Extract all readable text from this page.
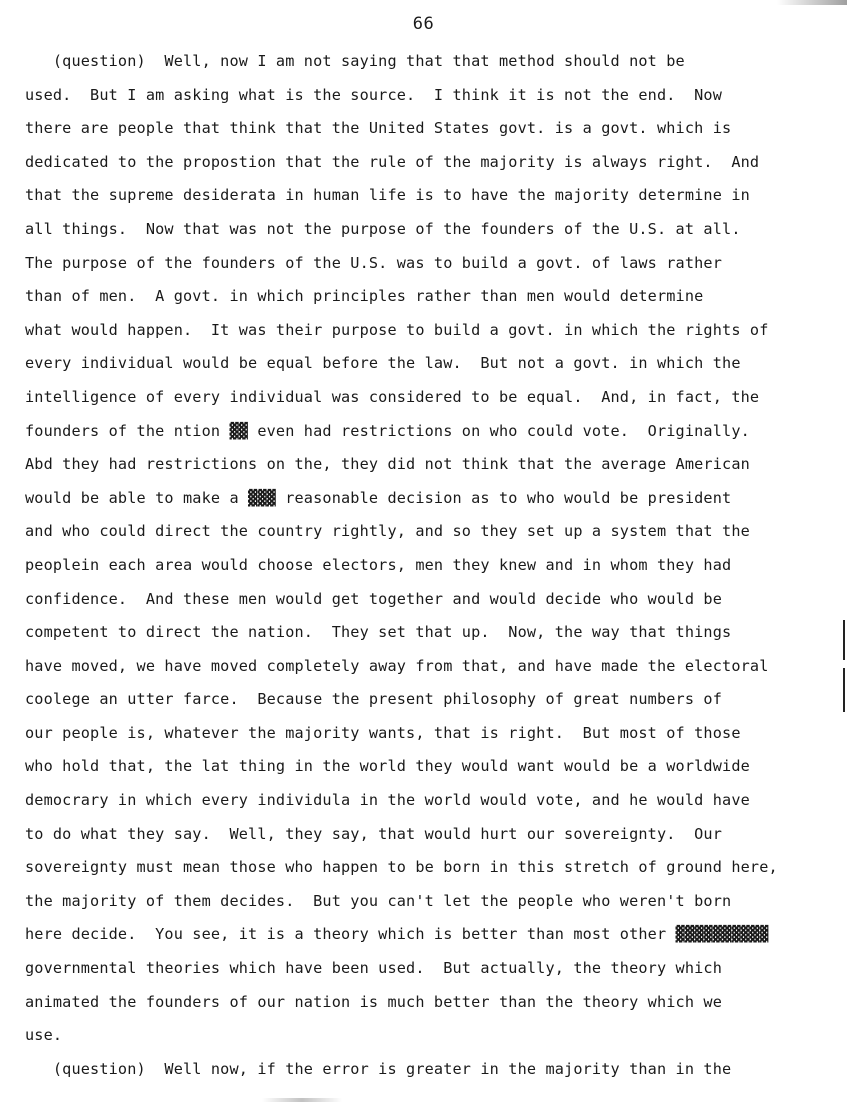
66
(question)  Well, now I am not saying that that method should not be
used.  But I am asking what is the source.  I think it is not the end.  Now
there are people that think that the United States govt. is a govt. which is
dedicated to the propostion that the rule of the majority is always right.  And
that the supreme desiderata in human life is to have the majority determine in
all things.  Now that was not the purpose of the founders of the U.S. at all.
The purpose of the founders of the U.S. was to build a govt. of laws rather
than of men.  A govt. in which principles rather than men would determine
what would happen.  It was their purpose to build a govt. in which the rights of
every individual would be equal before the law.  But not a govt. in which the
intelligence of every individual was considered to be equal.  And, in fact, the
founders of the ntion ▓▓ even had restrictions on who could vote.  Originally.
Abd they had restrictions on the, they did not think that the average American
would be able to make a ▓▓▓ reasonable decision as to who would be president
and who could direct the country rightly, and so they set up a system that the
peoplein each area would choose electors, men they knew and in whom they had
confidence.  And these men would get together and would decide who would be
competent to direct the nation.  They set that up.  Now, the way that things
have moved, we have moved completely away from that, and have made the electoral
coolege an utter farce.  Because the present philosophy of great numbers of
our people is, whatever the majority wants, that is right.  But most of those
who hold that, the lat thing in the world they would want would be a worldwide
democrary in which every individula in the world would vote, and he would have
to do what they say.  Well, they say, that would hurt our sovereignty.  Our
sovereignty must mean those who happen to be born in this stretch of ground here,
the majority of them decides.  But you can't let the people who weren't born
here decide.  You see, it is a theory which is better than most other ▓▓▓▓▓▓▓▓▓▓
governmental theories which have been used.  But actually, the theory which
animated the founders of our nation is much better than the theory which we
use.
(question)  Well now, if the error is greater in the majority than in the
